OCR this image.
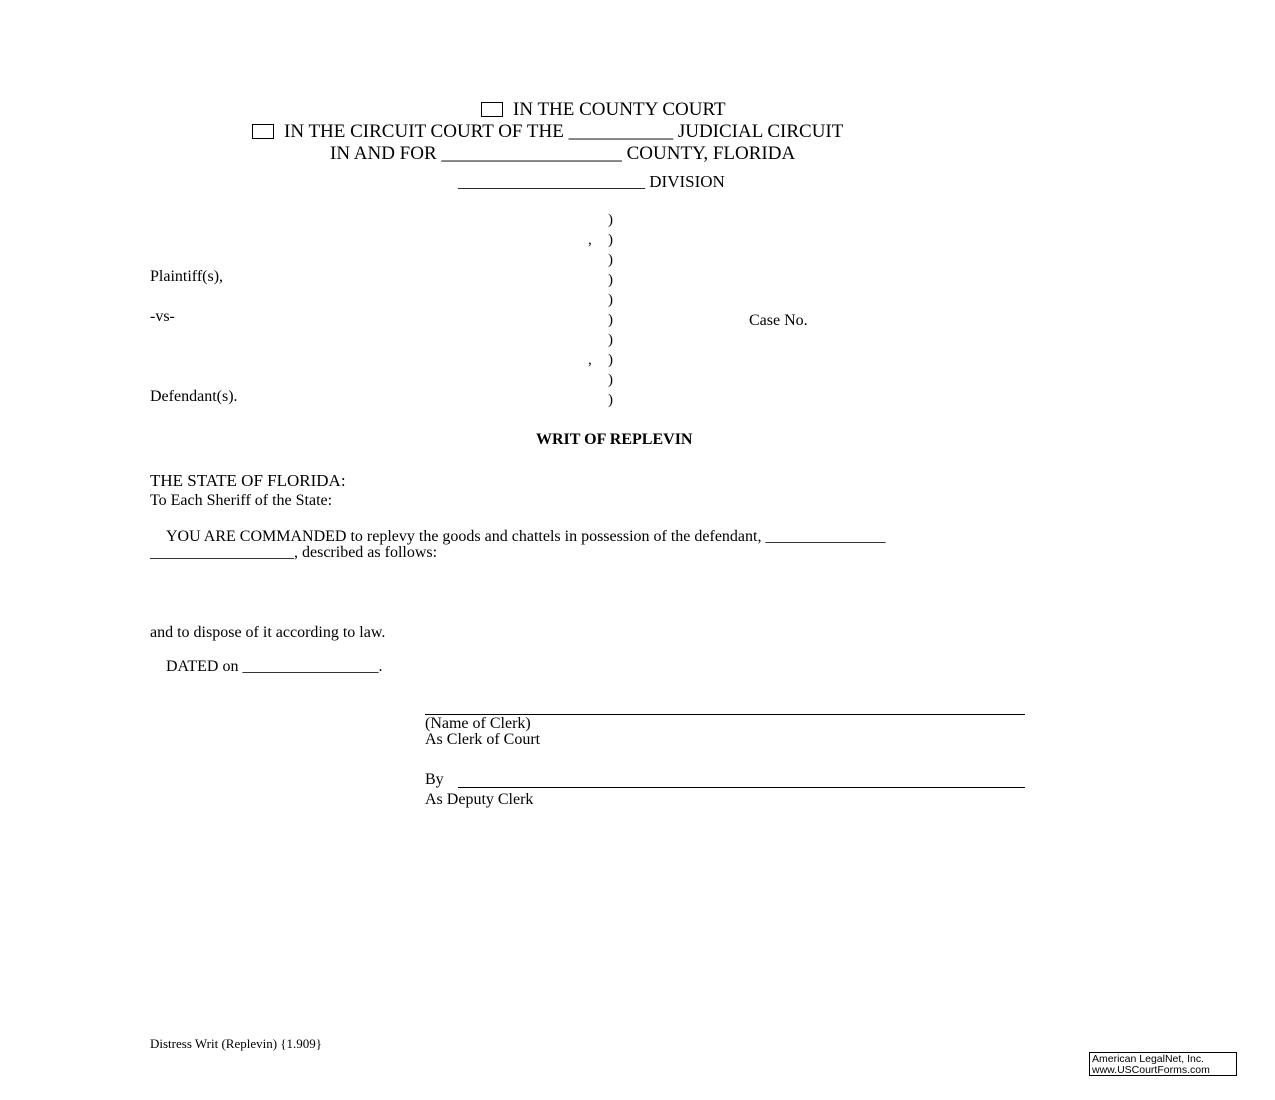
IN THE COUNTY COURT
IN THE CIRCUIT COURT OF THE ___________ JUDICIAL CIRCUIT
IN AND FOR ___________________ COUNTY, FLORIDA
______________________ DIVISION
)
, )
)
)
)
)
)
, )
)
)
Plaintiff(s),
-vs-	Case No.
Defendant(s).
WRIT OF REPLEVIN
THE STATE OF FLORIDA:
To Each Sheriff of the State:
YOU ARE COMMANDED to replevy the goods and chattels in possession of the defendant, _______________
__________________, described as follows:
and to dispose of it according to law.
DATED on _________________.
(Name of Clerk)
As Clerk of Court
By
As Deputy Clerk
Distress Writ (Replevin) {1.909}
American LegalNet, Inc.
www.USCourtForms.com
